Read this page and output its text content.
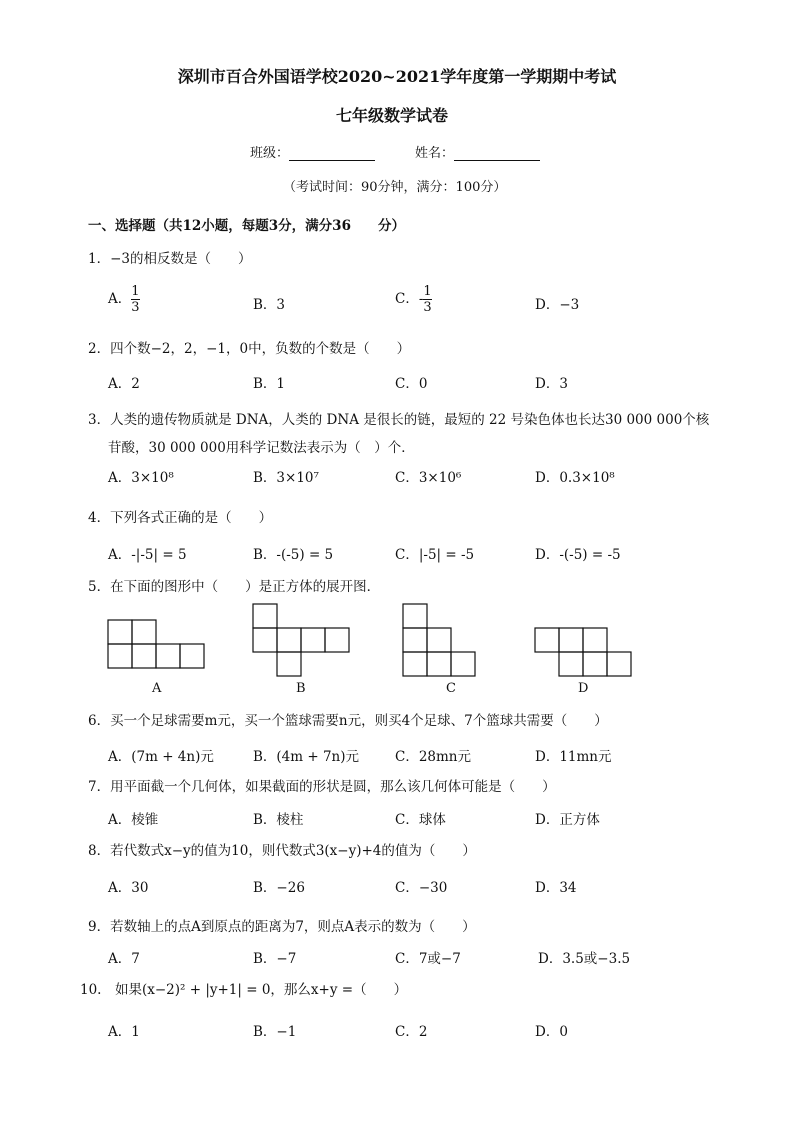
深圳市百合外国语学校2020~2021学年度第一学期期中考试
七年级数学试卷
班级：	姓名：
（考试时间：90分钟，满分：100分）
一、选择题（共12小题，每题3分，满分36　　分）
1．−3的相反数是（　　）
A． $\frac{1}{3}$	B．3	C．- $\frac{1}{3}$	D．−3
2．四个数−2，2，−1，0中，负数的个数是（　　）
A．2	B．1	C．0	D．3
3．人类的遗传物质就是 DNA，人类的 DNA 是很长的链，最短的 22 号染色体也长达30 000 000个核
苷酸，30 000 000用科学记数法表示为（　）个．
A．3×10⁸	B．3×10⁷	C．3×10⁶	D．0.3×10⁸
4．下列各式正确的是（　　）
A．-|-5| = 5	B．-(-5) = 5	C．|-5| = -5	D．-(-5) = -5
5．在下面的图形中（　　）是正方体的展开图．
A	B	C	D
6．买一个足球需要m元，买一个篮球需要n元，则买4个足球、7个篮球共需要（　　）
A．(7m + 4n)元	B．(4m + 7n)元	C．28mn元	D．11mn元
7．用平面截一个几何体，如果截面的形状是圆，那么该几何体可能是（　　）
A．棱锥	B．棱柱	C．球体	D．正方体
8．若代数式x−y的值为10，则代数式3(x−y)+4的值为（　　）
A．30	B．−26	C．−30	D．34
9．若数轴上的点A到原点的距离为7，则点A表示的数为（　　）
A．7	B．−7	C．7或−7	D．3.5或−3.5
10.　如果(x−2)² + |y+1| = 0，那么x+y =（　　）
A．1	B．−1	C．2	D．0
